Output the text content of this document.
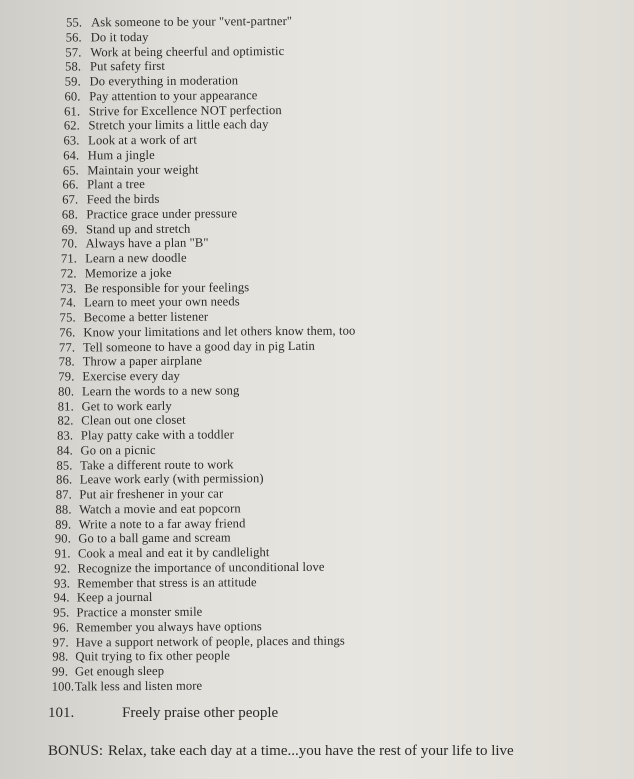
55. Ask someone to be your "vent-partner"
56. Do it today
57. Work at being cheerful and optimistic
58. Put safety first
59. Do everything in moderation
60. Pay attention to your appearance
61. Strive for Excellence NOT perfection
62. Stretch your limits a little each day
63. Look at a work of art
64. Hum a jingle
65. Maintain your weight
66. Plant a tree
67. Feed the birds
68. Practice grace under pressure
69. Stand up and stretch
70. Always have a plan "B"
71. Learn a new doodle
72. Memorize a joke
73. Be responsible for your feelings
74. Learn to meet your own needs
75. Become a better listener
76. Know your limitations and let others know them, too
77. Tell someone to have a good day in pig Latin
78. Throw a paper airplane
79. Exercise every day
80. Learn the words to a new song
81. Get to work early
82. Clean out one closet
83. Play patty cake with a toddler
84. Go on a picnic
85. Take a different route to work
86. Leave work early (with permission)
87. Put air freshener in your car
88. Watch a movie and eat popcorn
89. Write a note to a far away friend
90. Go to a ball game and scream
91. Cook a meal and eat it by candlelight
92. Recognize the importance of unconditional love
93. Remember that stress is an attitude
94. Keep a journal
95. Practice a monster smile
96. Remember you always have options
97. Have a support network of people, places and things
98. Quit trying to fix other people
99. Get enough sleep
100. Talk less and listen more
101.	Freely praise other people
BONUS: Relax, take each day at a time...you have the rest of your life to live
